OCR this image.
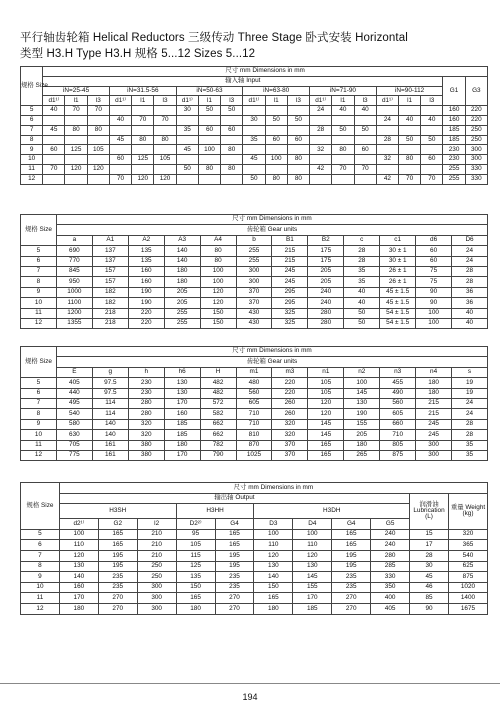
平行轴齿轮箱 Helical Reductors 三级传动 Three Stage 卧式安装 Horizontal
类型 H3.H Type H3.H 规格 5...12 Sizes 5...12
规格 Size	尺寸 mm Dimensions in mm																			
	输入轴 Input																		G1	G3
	iN=25-45			iN=31.5-56			iN=50-63			iN=63-80			iN=71-90			iN=90-112				
	d1¹⁾	l1	l3	d1¹⁾	l1	l3	d1¹⁾	l1	l3	d1¹⁾	l1	l3	d1¹⁾	l1	l3	d1¹⁾	l1	l3		
5	40	70	70				30	50	50				24	40	40				160	220
6				40	70	70				30	50	50				24	40	40	160	220
7	45	80	80				35	60	60				28	50	50				185	250
8				45	80	80				35	60	60				28	50	50	185	250
9	60	125	105				45	100	80				32	80	60				230	300
10				60	125	105				45	100	80				32	80	60	230	300
11	70	120	120				50	80	80				42	70	70				255	330
12				70	120	120				50	80	80				42	70	70	255	330
规格 Size	尺寸 mm Dimensions in mm											
	齿轮箱 Gear units											
	a	A1	A2	A3	A4	b	B1	B2	c	c1	d6	D6
5	690	137	135	140	80	255	215	175	28	30 ± 1	60	24
6	770	137	135	140	80	255	215	175	28	30 ± 1	60	24
7	845	157	160	180	100	300	245	205	35	26 ± 1	75	28
8	950	157	160	180	100	300	245	205	35	26 ± 1	75	28
9	1000	182	190	205	120	370	295	240	40	45 ± 1.5	90	36
10	1100	182	190	205	120	370	295	240	40	45 ± 1.5	90	36
11	1200	218	220	255	150	430	325	280	50	54 ± 1.5	100	40
12	1355	218	220	255	150	430	325	280	50	54 ± 1.5	100	40
规格 Size	尺寸 mm Dimensions in mm											
	齿轮箱 Gear units											
	E	g	h	h6	H	m1	m3	n1	n2	n3	n4	s
5	405	97.5	230	130	482	480	220	105	100	455	180	19
6	440	97.5	230	130	482	560	220	105	145	490	180	19
7	495	114	280	170	572	605	260	120	130	560	215	24
8	540	114	280	160	582	710	260	120	190	605	215	24
9	580	140	320	185	662	710	320	145	155	660	245	28
10	630	140	320	185	662	810	320	145	205	710	245	28
11	705	161	380	180	782	870	370	165	180	805	300	35
12	775	161	380	170	790	1025	370	165	265	875	300	35
规格 Size	尺寸 mm Dimensions in mm										
	输出轴 Output									润滑油 Lubrication (L)	重量 Weight (kg)
	H3SH			H3HH		H3DH					
	d2¹⁾	G2	l2	D2²⁾	G4	D3	D4	G4	G5		
5	100	165	210	95	165	100	100	165	240	15	320
6	110	165	210	105	165	110	110	165	240	17	365
7	120	195	210	115	195	120	120	195	280	28	540
8	130	195	250	125	195	130	130	195	285	30	625
9	140	235	250	135	235	140	145	235	330	45	875
10	160	235	300	150	235	150	155	235	350	46	1020
11	170	270	300	165	270	165	170	270	400	85	1400
12	180	270	300	180	270	180	185	270	405	90	1675
194
